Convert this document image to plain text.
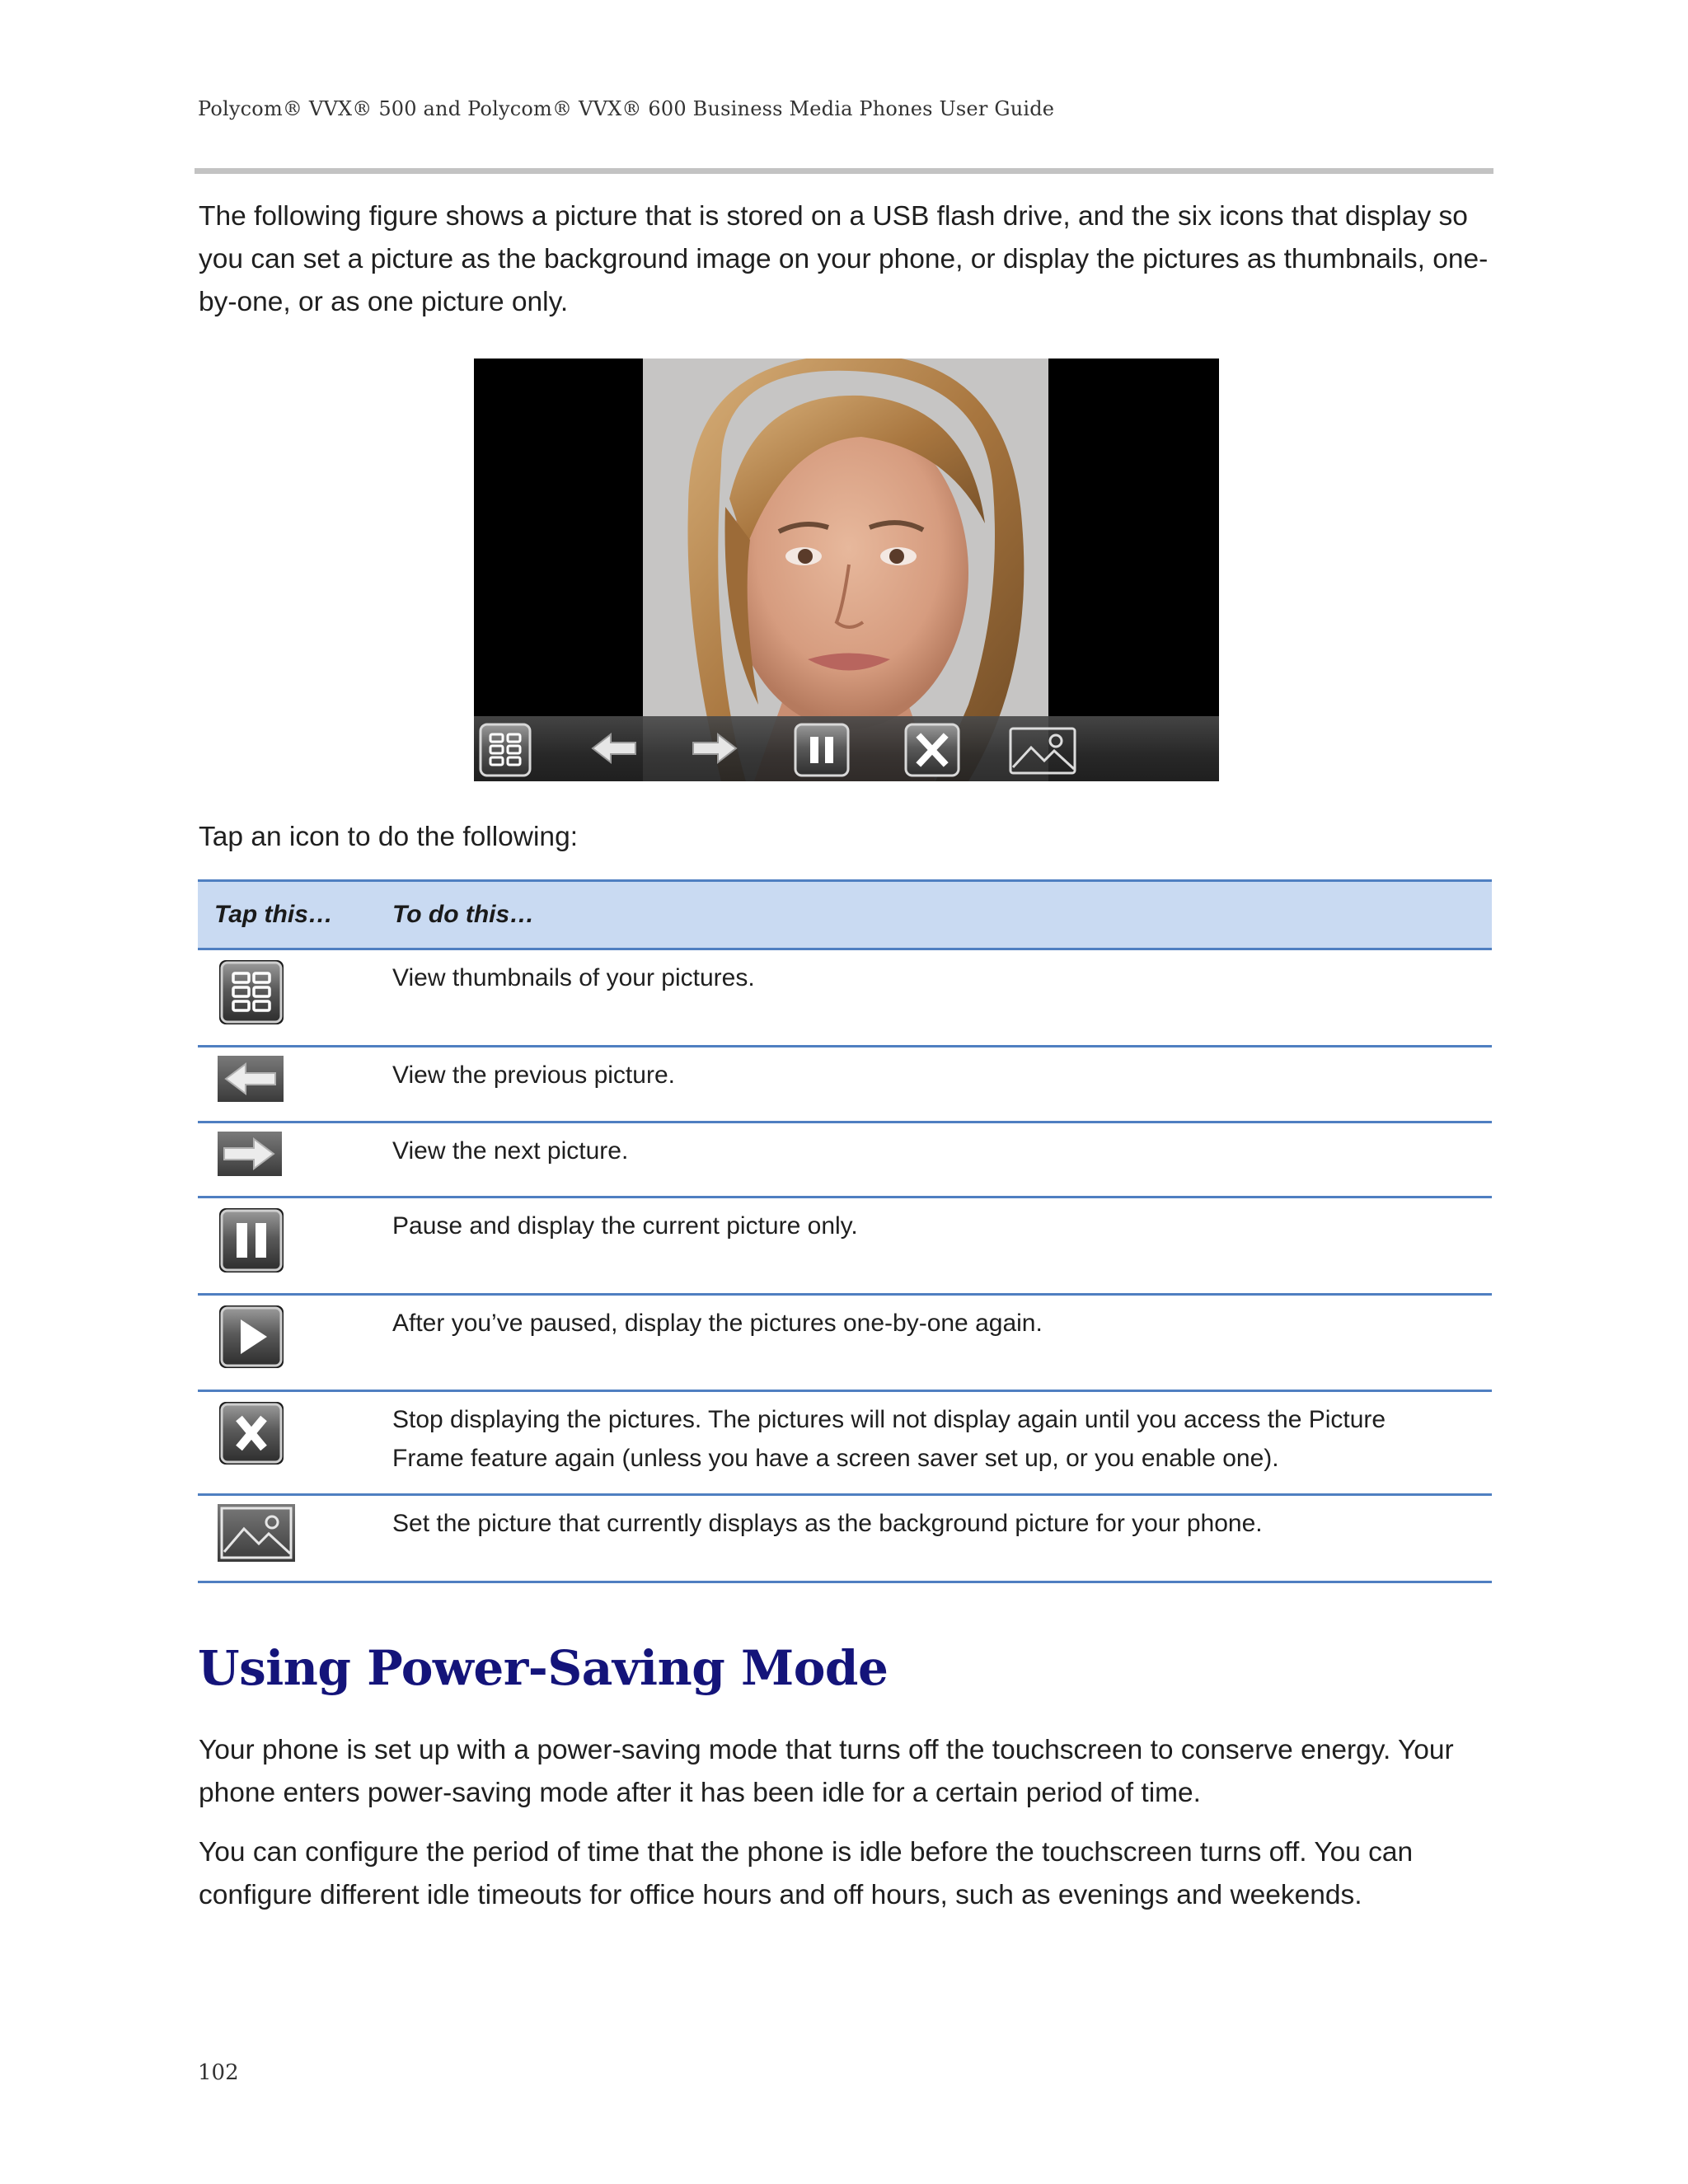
Polycom® VVX® 500 and Polycom® VVX® 600 Business Media Phones User Guide

The following figure shows a picture that is stored on a USB flash drive, and the six icons that display so you can set a picture as the background image on your phone, or display the pictures as thumbnails, one-by-one, or as one picture only.

Tap an icon to do the following:

Tap this…	To do this…

	View thumbnails of your pictures.

	View the previous picture.

	View the next picture.

	Pause and display the current picture only.

	After you’ve paused, display the pictures one-by-one again.

	Stop displaying the pictures. The pictures will not display again until you access the Picture Frame feature again (unless you have a screen saver set up, or you enable one).

	Set the picture that currently displays as the background picture for your phone.
Using Power-Saving Mode

Your phone is set up with a power-saving mode that turns off the touchscreen to conserve energy. Your phone enters power-saving mode after it has been idle for a certain period of time.

You can configure the period of time that the phone is idle before the touchscreen turns off. You can configure different idle timeouts for office hours and off hours, such as evenings and weekends.

102
